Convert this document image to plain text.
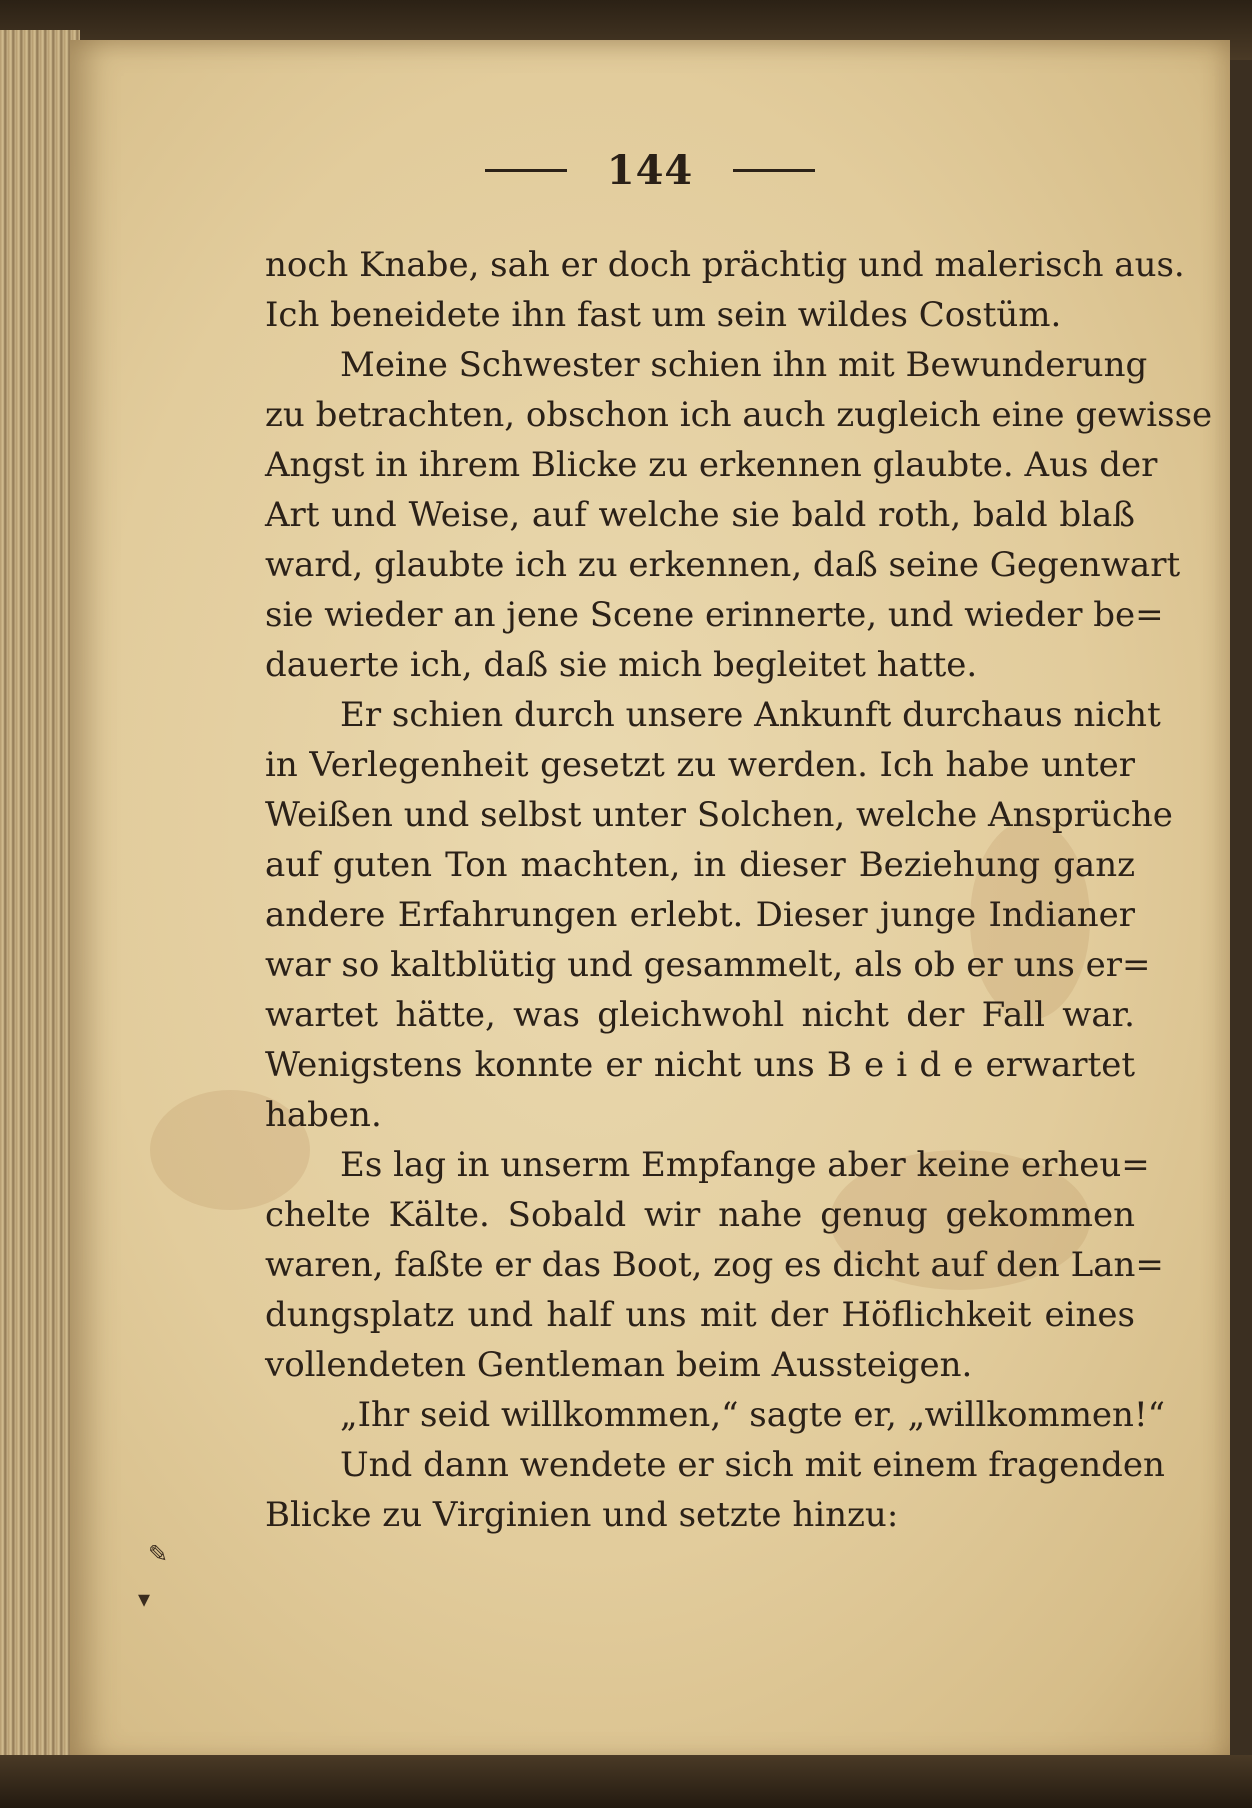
144
noch Knabe, sah er doch prächtig und malerisch aus.
Ich beneidete ihn fast um sein wildes Costüm.
Meine Schwester schien ihn mit Bewunderung
zu betrachten, obschon ich auch zugleich eine gewisse
Angst in ihrem Blicke zu erkennen glaubte. Aus der
Art und Weise, auf welche sie bald roth, bald blaß
ward, glaubte ich zu erkennen, daß seine Gegenwart
sie wieder an jene Scene erinnerte, und wieder be=
dauerte ich, daß sie mich begleitet hatte.
Er schien durch unsere Ankunft durchaus nicht
in Verlegenheit gesetzt zu werden. Ich habe unter
Weißen und selbst unter Solchen, welche Ansprüche
auf guten Ton machten, in dieser Beziehung ganz
andere Erfahrungen erlebt. Dieser junge Indianer
war so kaltblütig und gesammelt, als ob er uns er=
wartet hätte, was gleichwohl nicht der Fall war.
Wenigstens konnte er nicht uns B e i d e erwartet
haben.
Es lag in unserm Empfange aber keine erheu=
chelte Kälte. Sobald wir nahe genug gekommen
waren, faßte er das Boot, zog es dicht auf den Lan=
dungsplatz und half uns mit der Höflichkeit eines
vollendeten Gentleman beim Aussteigen.
„Ihr seid willkommen,“ sagte er, „willkommen!“
Und dann wendete er sich mit einem fragenden
Blicke zu Virginien und setzte hinzu:
✎
▾
